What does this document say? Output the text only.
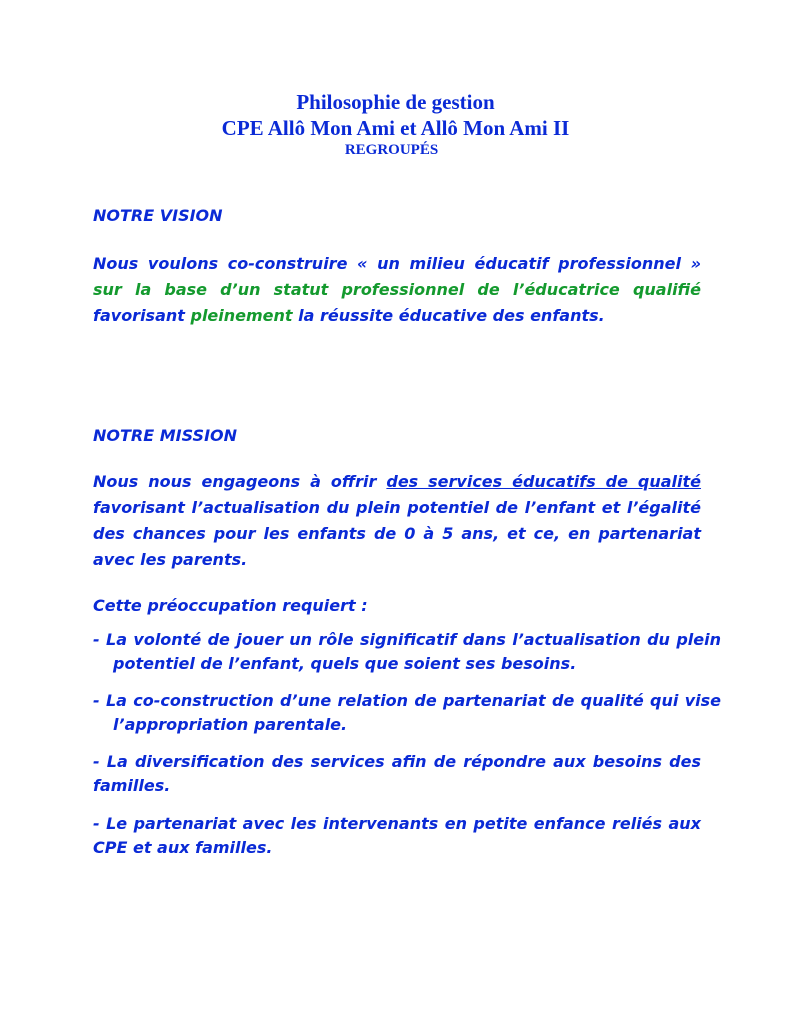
Philosophie de gestion
CPE Allô Mon Ami et Allô Mon Ami II
REGROUPÉS
NOTRE VISION
Nous voulons co-construire « un milieu éducatif professionnel » sur la base d’un statut professionnel de l’éducatrice qualifié favorisant pleinement la réussite éducative des enfants.
NOTRE MISSION
Nous nous engageons à offrir des services éducatifs de qualité favorisant l’actualisation du plein potentiel de l’enfant et l’égalité des chances pour les enfants de 0 à 5 ans, et ce, en partenariat avec les parents.
Cette préoccupation requiert :
- La volonté de jouer un rôle significatif dans l’actualisation du plein potentiel de l’enfant, quels que soient ses besoins.
- La co-construction d’une relation de partenariat de qualité qui vise l’appropriation parentale.
- La diversification des services afin de répondre aux besoins des familles.
- Le partenariat avec les intervenants en petite enfance reliés aux CPE et aux familles.
